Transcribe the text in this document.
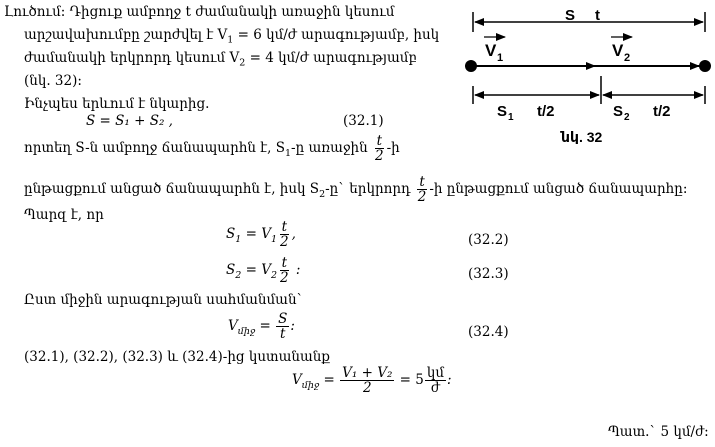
Լուծում: Դիցուք ամբողջ t ժամանակի առաջին կեսում
արշավախումբը շարժվել է $V_1 = 6$ կմ/ժ արագությամբ, իսկ
ժամանակի երկրորդ կեսում $V_2 = 4$ կմ/ժ արագությամբ
(նկ. 32):
Ինչպես երևում է նկարից.
S = S₁ + S₂ ,	(32.1)
որտեղ S-ն ամբողջ ճանապարհն է, $S_1-ը$ առաջին $\frac{t}{2}$ -ի
ընթացքում անցած ճանապարհն է, իսկ $S_2-ը`$ երկրորդ $\frac{t}{2}$ -ի ընթացքում անցած ճանապարհը:
Պարզ է, որ
$S_1 = V_1 \frac{t}{2}$ ,	(32.2)
$S_2 = V_2 \frac{t}{2}$ :	(32.3)
Ըստ միջին արագության սահմանման`
$V_{միջ} = \frac{S}{t}$ :	(32.4)
(32.1), (32.2), (32.3) և (32.4)-ից կստանանք
$V_{միջ} = \frac{\text{V₁ + V₂}}{2} = 5 \frac{\text{կմ}}{\text{ժ}}$ :
Պատ.` 5 կմ/ժ:
S t
V 1	V 2
S 1 t/2	S 2 t/2
նկ. 32
